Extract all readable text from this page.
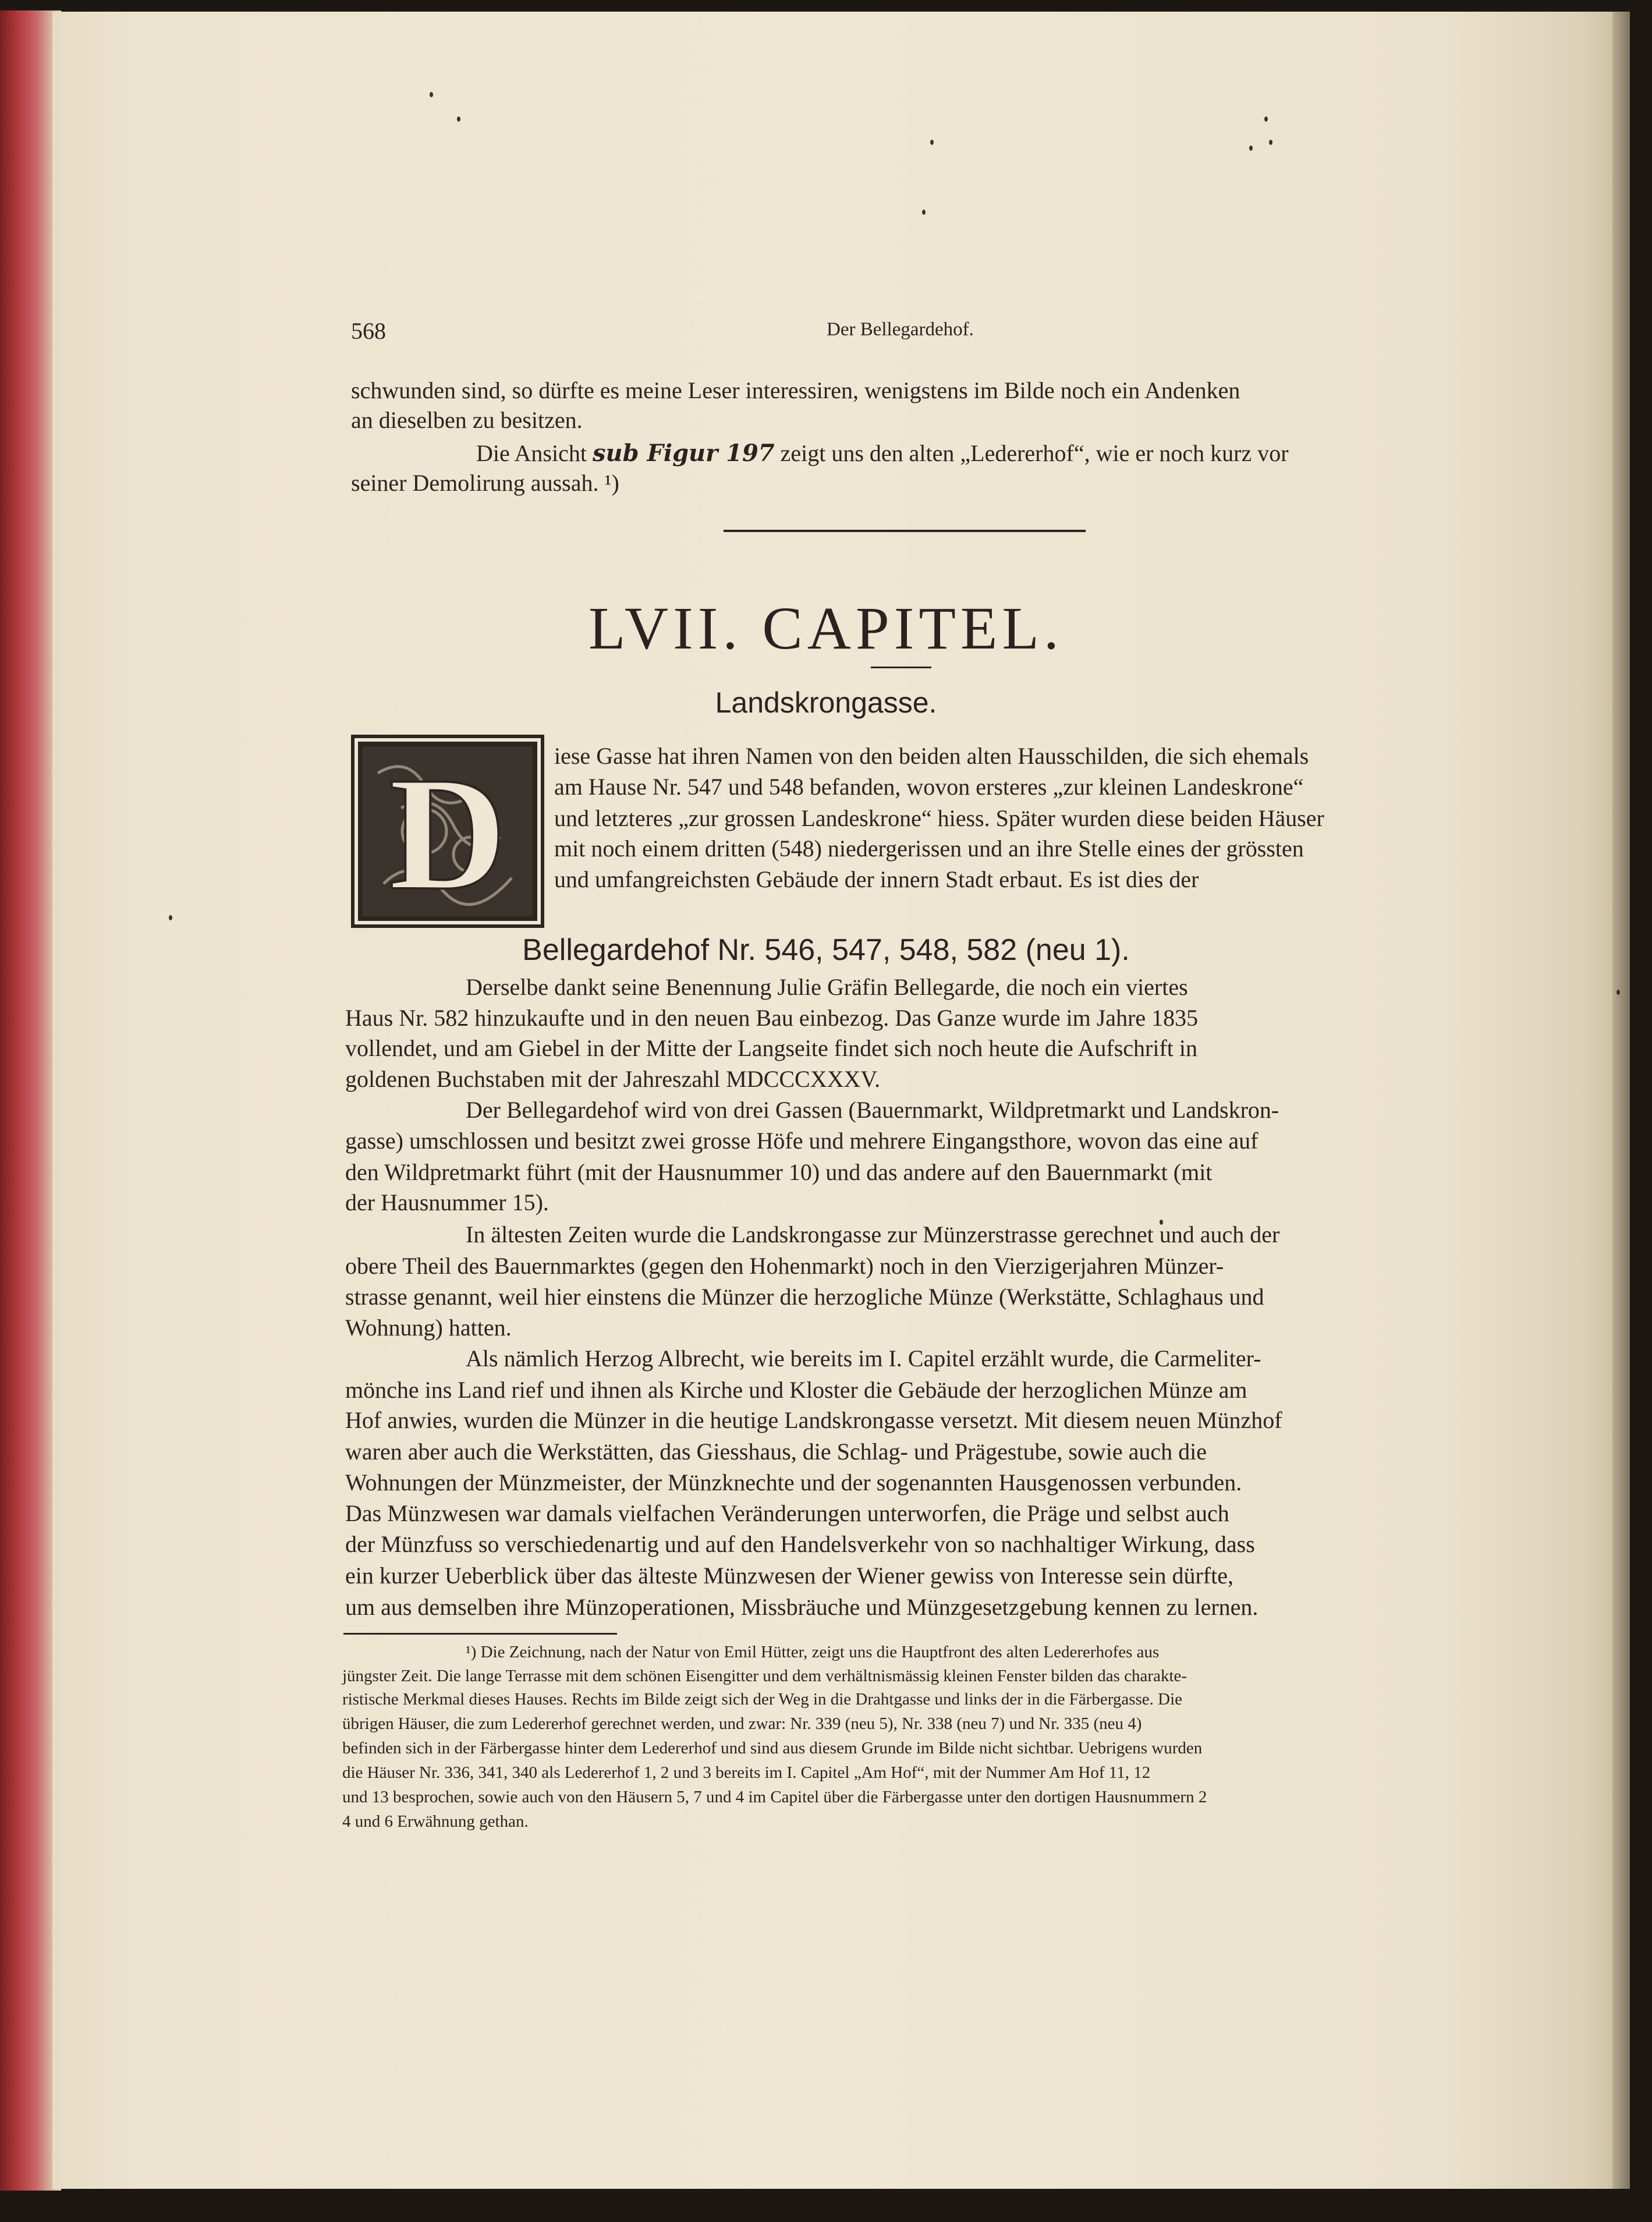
568	Der Bellegardehof.
schwunden sind, so dürfte es meine Leser interessiren, wenigstens im Bilde noch ein Andenken
an dieselben zu besitzen.
Die Ansicht sub Figur 197 zeigt uns den alten „Ledererhof“, wie er noch kurz vor
seiner Demolirung aussah. ¹)
LVII. CAPITEL.
Landskrongasse.
D iese Gasse hat ihren Namen von den beiden alten Hausschilden, die sich ehemals
am Hause Nr. 547 und 548 befanden, wovon ersteres „zur kleinen Landeskrone“
und letzteres „zur grossen Landeskrone“ hiess. Später wurden diese beiden Häuser
mit noch einem dritten (548) niedergerissen und an ihre Stelle eines der grössten
und umfangreichsten Gebäude der innern Stadt erbaut. Es ist dies der
Bellegardehof Nr. 546, 547, 548, 582 (neu 1).
Derselbe dankt seine Benennung Julie Gräfin Bellegarde, die noch ein viertes
Haus Nr. 582 hinzukaufte und in den neuen Bau einbezog. Das Ganze wurde im Jahre 1835
vollendet, und am Giebel in der Mitte der Langseite findet sich noch heute die Aufschrift in
goldenen Buchstaben mit der Jahreszahl MDCCCXXXV.
Der Bellegardehof wird von drei Gassen (Bauernmarkt, Wildpretmarkt und Landskron-
gasse) umschlossen und besitzt zwei grosse Höfe und mehrere Eingangsthore, wovon das eine auf
den Wildpretmarkt führt (mit der Hausnummer 10) und das andere auf den Bauernmarkt (mit
der Hausnummer 15).
In ältesten Zeiten wurde die Landskrongasse zur Münzerstrasse gerechnet und auch der
obere Theil des Bauernmarktes (gegen den Hohenmarkt) noch in den Vierzigerjahren Münzer-
strasse genannt, weil hier einstens die Münzer die herzogliche Münze (Werkstätte, Schlaghaus und
Wohnung) hatten.
Als nämlich Herzog Albrecht, wie bereits im I. Capitel erzählt wurde, die Carmeliter-
mönche ins Land rief und ihnen als Kirche und Kloster die Gebäude der herzoglichen Münze am
Hof anwies, wurden die Münzer in die heutige Landskrongasse versetzt. Mit diesem neuen Münzhof
waren aber auch die Werkstätten, das Giesshaus, die Schlag- und Prägestube, sowie auch die
Wohnungen der Münzmeister, der Münzknechte und der sogenannten Hausgenossen verbunden.
Das Münzwesen war damals vielfachen Veränderungen unterworfen, die Präge und selbst auch
der Münzfuss so verschiedenartig und auf den Handelsverkehr von so nachhaltiger Wirkung, dass
ein kurzer Ueberblick über das älteste Münzwesen der Wiener gewiss von Interesse sein dürfte,
um aus demselben ihre Münzoperationen, Missbräuche und Münzgesetzgebung kennen zu lernen.
¹) Die Zeichnung, nach der Natur von Emil Hütter, zeigt uns die Hauptfront des alten Ledererhofes aus
jüngster Zeit. Die lange Terrasse mit dem schönen Eisengitter und dem verhältnismässig kleinen Fenster bilden das charakte-
ristische Merkmal dieses Hauses. Rechts im Bilde zeigt sich der Weg in die Drahtgasse und links der in die Färbergasse. Die
übrigen Häuser, die zum Ledererhof gerechnet werden, und zwar: Nr. 339 (neu 5), Nr. 338 (neu 7) und Nr. 335 (neu 4)
befinden sich in der Färbergasse hinter dem Ledererhof und sind aus diesem Grunde im Bilde nicht sichtbar. Uebrigens wurden
die Häuser Nr. 336, 341, 340 als Ledererhof 1, 2 und 3 bereits im I. Capitel „Am Hof“, mit der Nummer Am Hof 11, 12
und 13 besprochen, sowie auch von den Häusern 5, 7 und 4 im Capitel über die Färbergasse unter den dortigen Hausnummern 2
4 und 6 Erwähnung gethan.
